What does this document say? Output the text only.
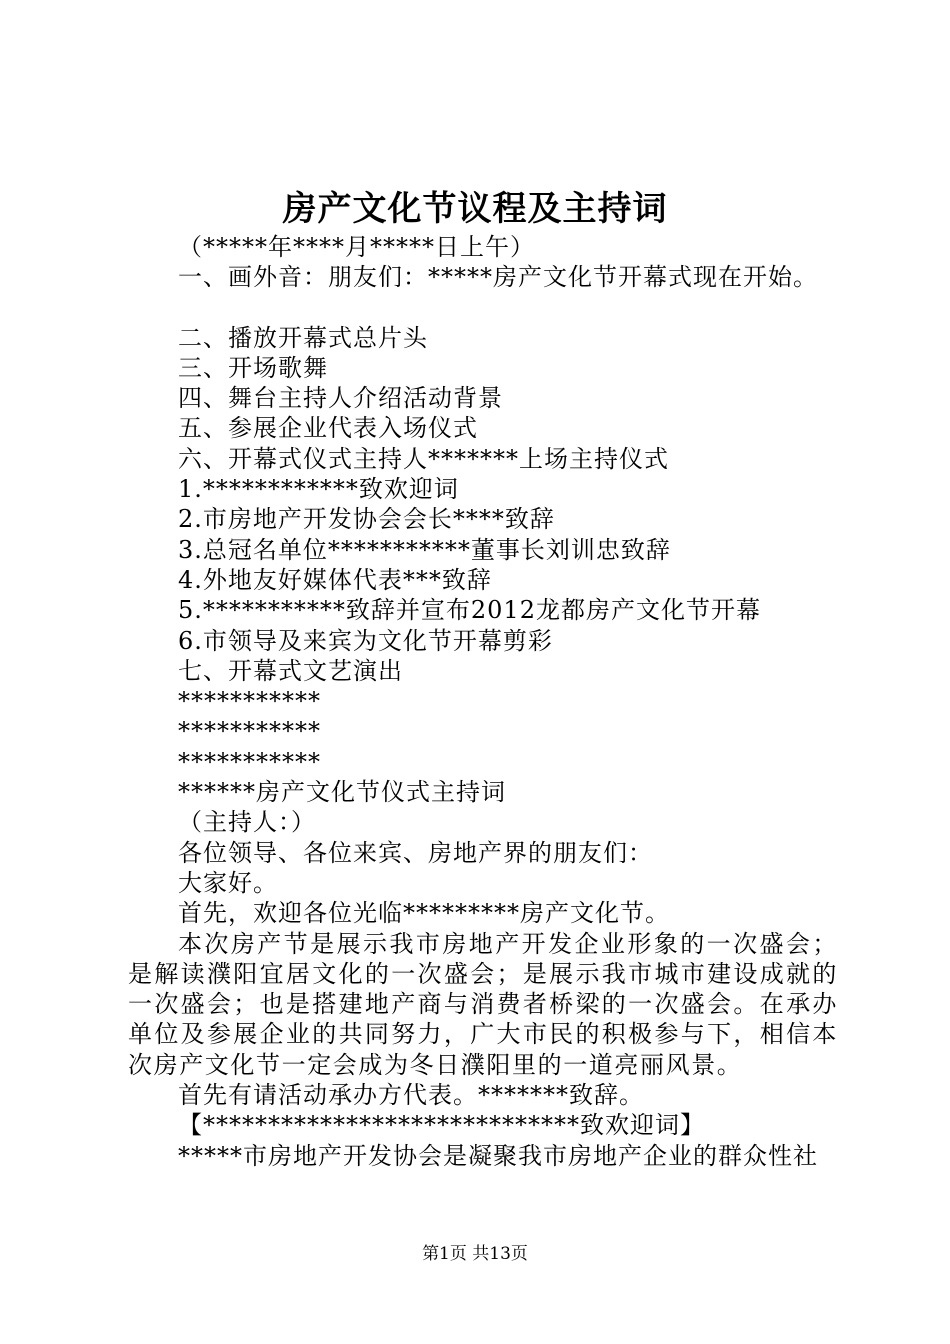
房产文化节议程及主持词
（*****年****月*****日上午）
一、画外音：朋友们：*****房产文化节开幕式现在开始。
二、播放开幕式总片头
三、开场歌舞
四、舞台主持人介绍活动背景
五、参展企业代表入场仪式
六、开幕式仪式主持人*******上场主持仪式
1.************致欢迎词
2.市房地产开发协会会长****致辞
3.总冠名单位***********董事长刘训忠致辞
4.外地友好媒体代表***致辞
5.***********致辞并宣布2012龙都房产文化节开幕
6.市领导及来宾为文化节开幕剪彩
七、开幕式文艺演出
***********
***********
***********
******房产文化节仪式主持词
（主持人：）
各位领导、各位来宾、房地产界的朋友们：
大家好。
首先，欢迎各位光临*********房产文化节。
本次房产节是展示我市房地产开发企业形象的一次盛会；是解读濮阳宜居文化的一次盛会；是展示我市城市建设成就的一次盛会；也是搭建地产商与消费者桥梁的一次盛会。在承办单位及参展企业的共同努力，广大市民的积极参与下，相信本次房产文化节一定会成为冬日濮阳里的一道亮丽风景。
首先有请活动承办方代表。*******致辞。
【*****************************致欢迎词】
*****市房地产开发协会是凝聚我市房地产企业的群众性社
第1页 共13页
